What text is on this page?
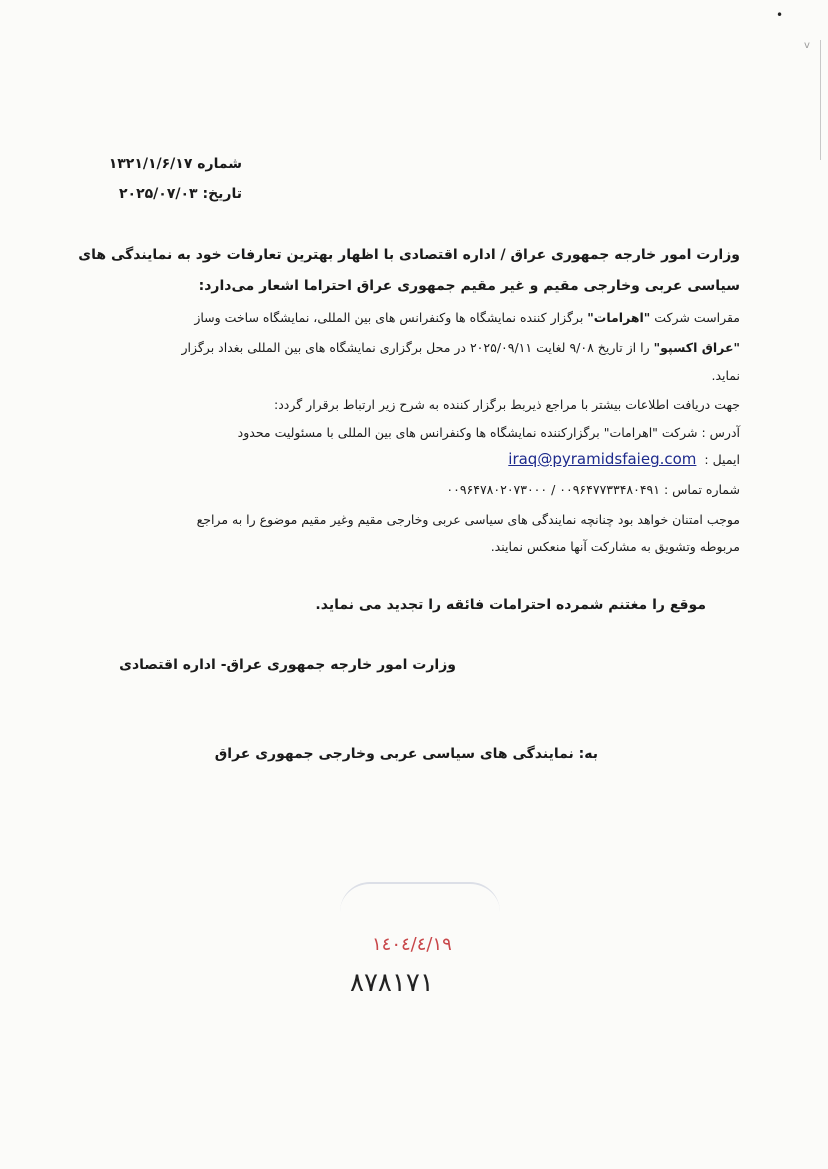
•
v
شماره ۱۳۲۱/۱/۶/۱۷
تاریخ: ۲۰۲۵/۰۷/۰۳
وزارت امور خارجه جمهوری عراق / اداره اقتصادی با اظهار بهترین تعارفات خود به نمایندگی های
سیاسی عربی وخارجی مقیم و غیر مقیم جمهوری عراق احتراما اشعار می‌دارد:
مقراست شرکت "اهرامات" برگزار کننده نمایشگاه ها وکنفرانس های بین المللی، نمایشگاه ساخت وساز
"عراق اکسپو" را از تاریخ ۹/۰۸ لغایت ۲۰۲۵/۰۹/۱۱ در محل برگزاری نمایشگاه های بین المللی بغداد برگزار
نماید.
جهت دریافت اطلاعات بیشتر با مراجع ذیربط برگزار کننده به شرح زیر ارتباط برقرار گردد:
آدرس : شرکت "اهرامات" برگزارکننده نمایشگاه ها وکنفرانس های بین المللی با مسئولیت محدود
ایمیل : iraq@pyramidsfaieg.com
شماره تماس : ۰۰۹۶۴۷۷۳۳۴۸۰۴۹۱ / ۰۰۹۶۴۷۸۰۲۰۷۳۰۰۰
موجب امتنان خواهد بود چنانچه نمایندگی های سیاسی عربی وخارجی مقیم وغیر مقیم موضوع را به مراجع
مربوطه وتشویق به مشارکت آنها منعکس نمایند.
موقع را مغتنم شمرده احترامات فائقه را تجدید می نماید.
وزارت امور خارجه جمهوری عراق- اداره اقتصادی
به: نمایندگی های سیاسی عربی وخارجی جمهوری عراق
١٤٠٤/٤/١٩
٨٧٨١٧١
